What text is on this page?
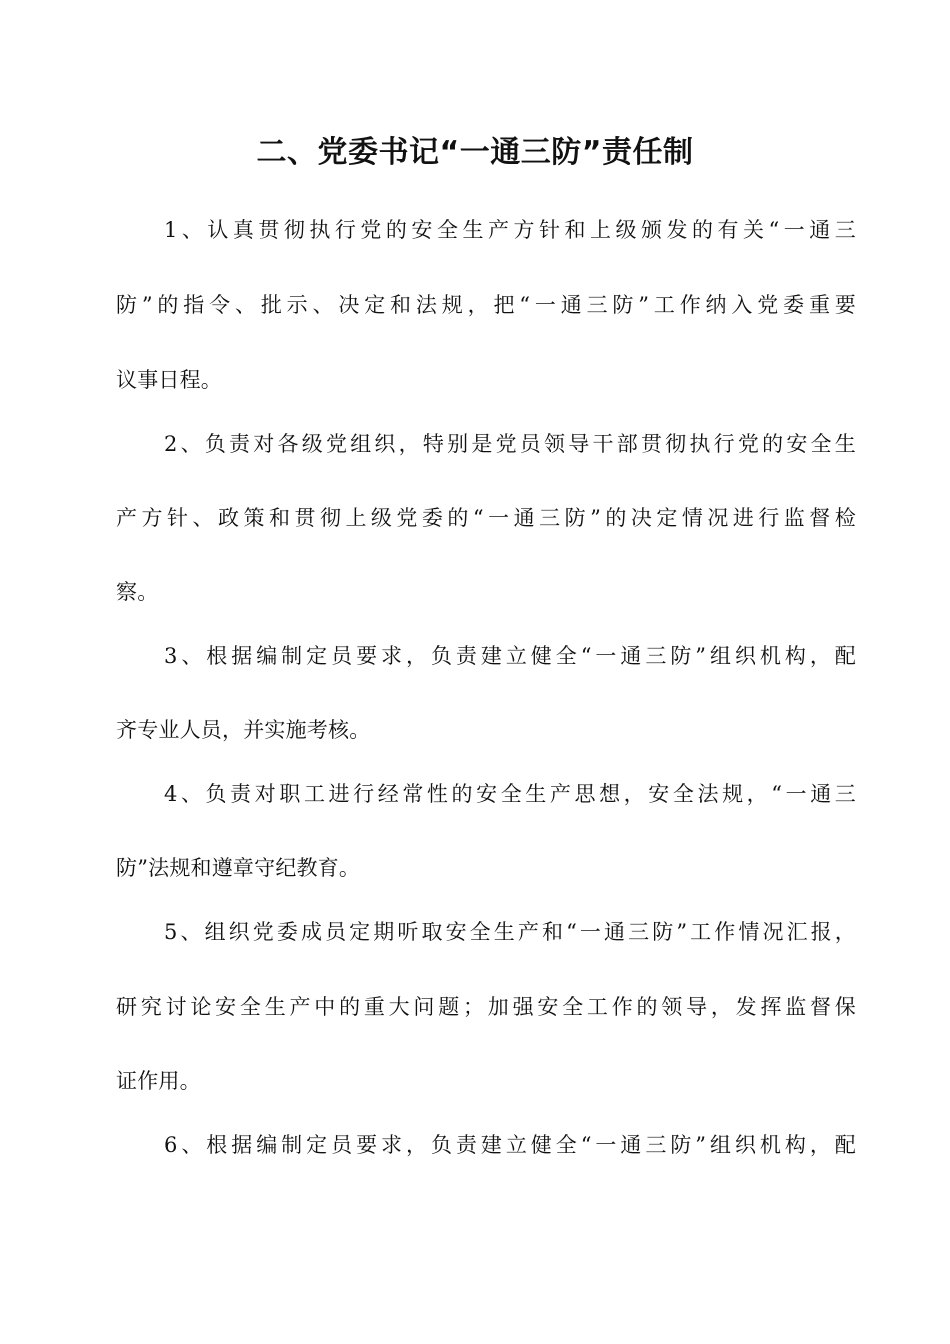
二、党委书记“一通三防”责任制
1、认真贯彻执行党的安全生产方针和上级颁发的有关“一通三
防”的指令、批示、决定和法规，把“一通三防”工作纳入党委重要
议事日程。
2、负责对各级党组织，特别是党员领导干部贯彻执行党的安全生
产方针、政策和贯彻上级党委的“一通三防”的决定情况进行监督检
察。
3、根据编制定员要求，负责建立健全“一通三防”组织机构，配
齐专业人员，并实施考核。
4、负责对职工进行经常性的安全生产思想，安全法规，“一通三
防”法规和遵章守纪教育。
5、组织党委成员定期听取安全生产和“一通三防”工作情况汇报，
研究讨论安全生产中的重大问题；加强安全工作的领导，发挥监督保
证作用。
6、根据编制定员要求，负责建立健全“一通三防”组织机构，配
